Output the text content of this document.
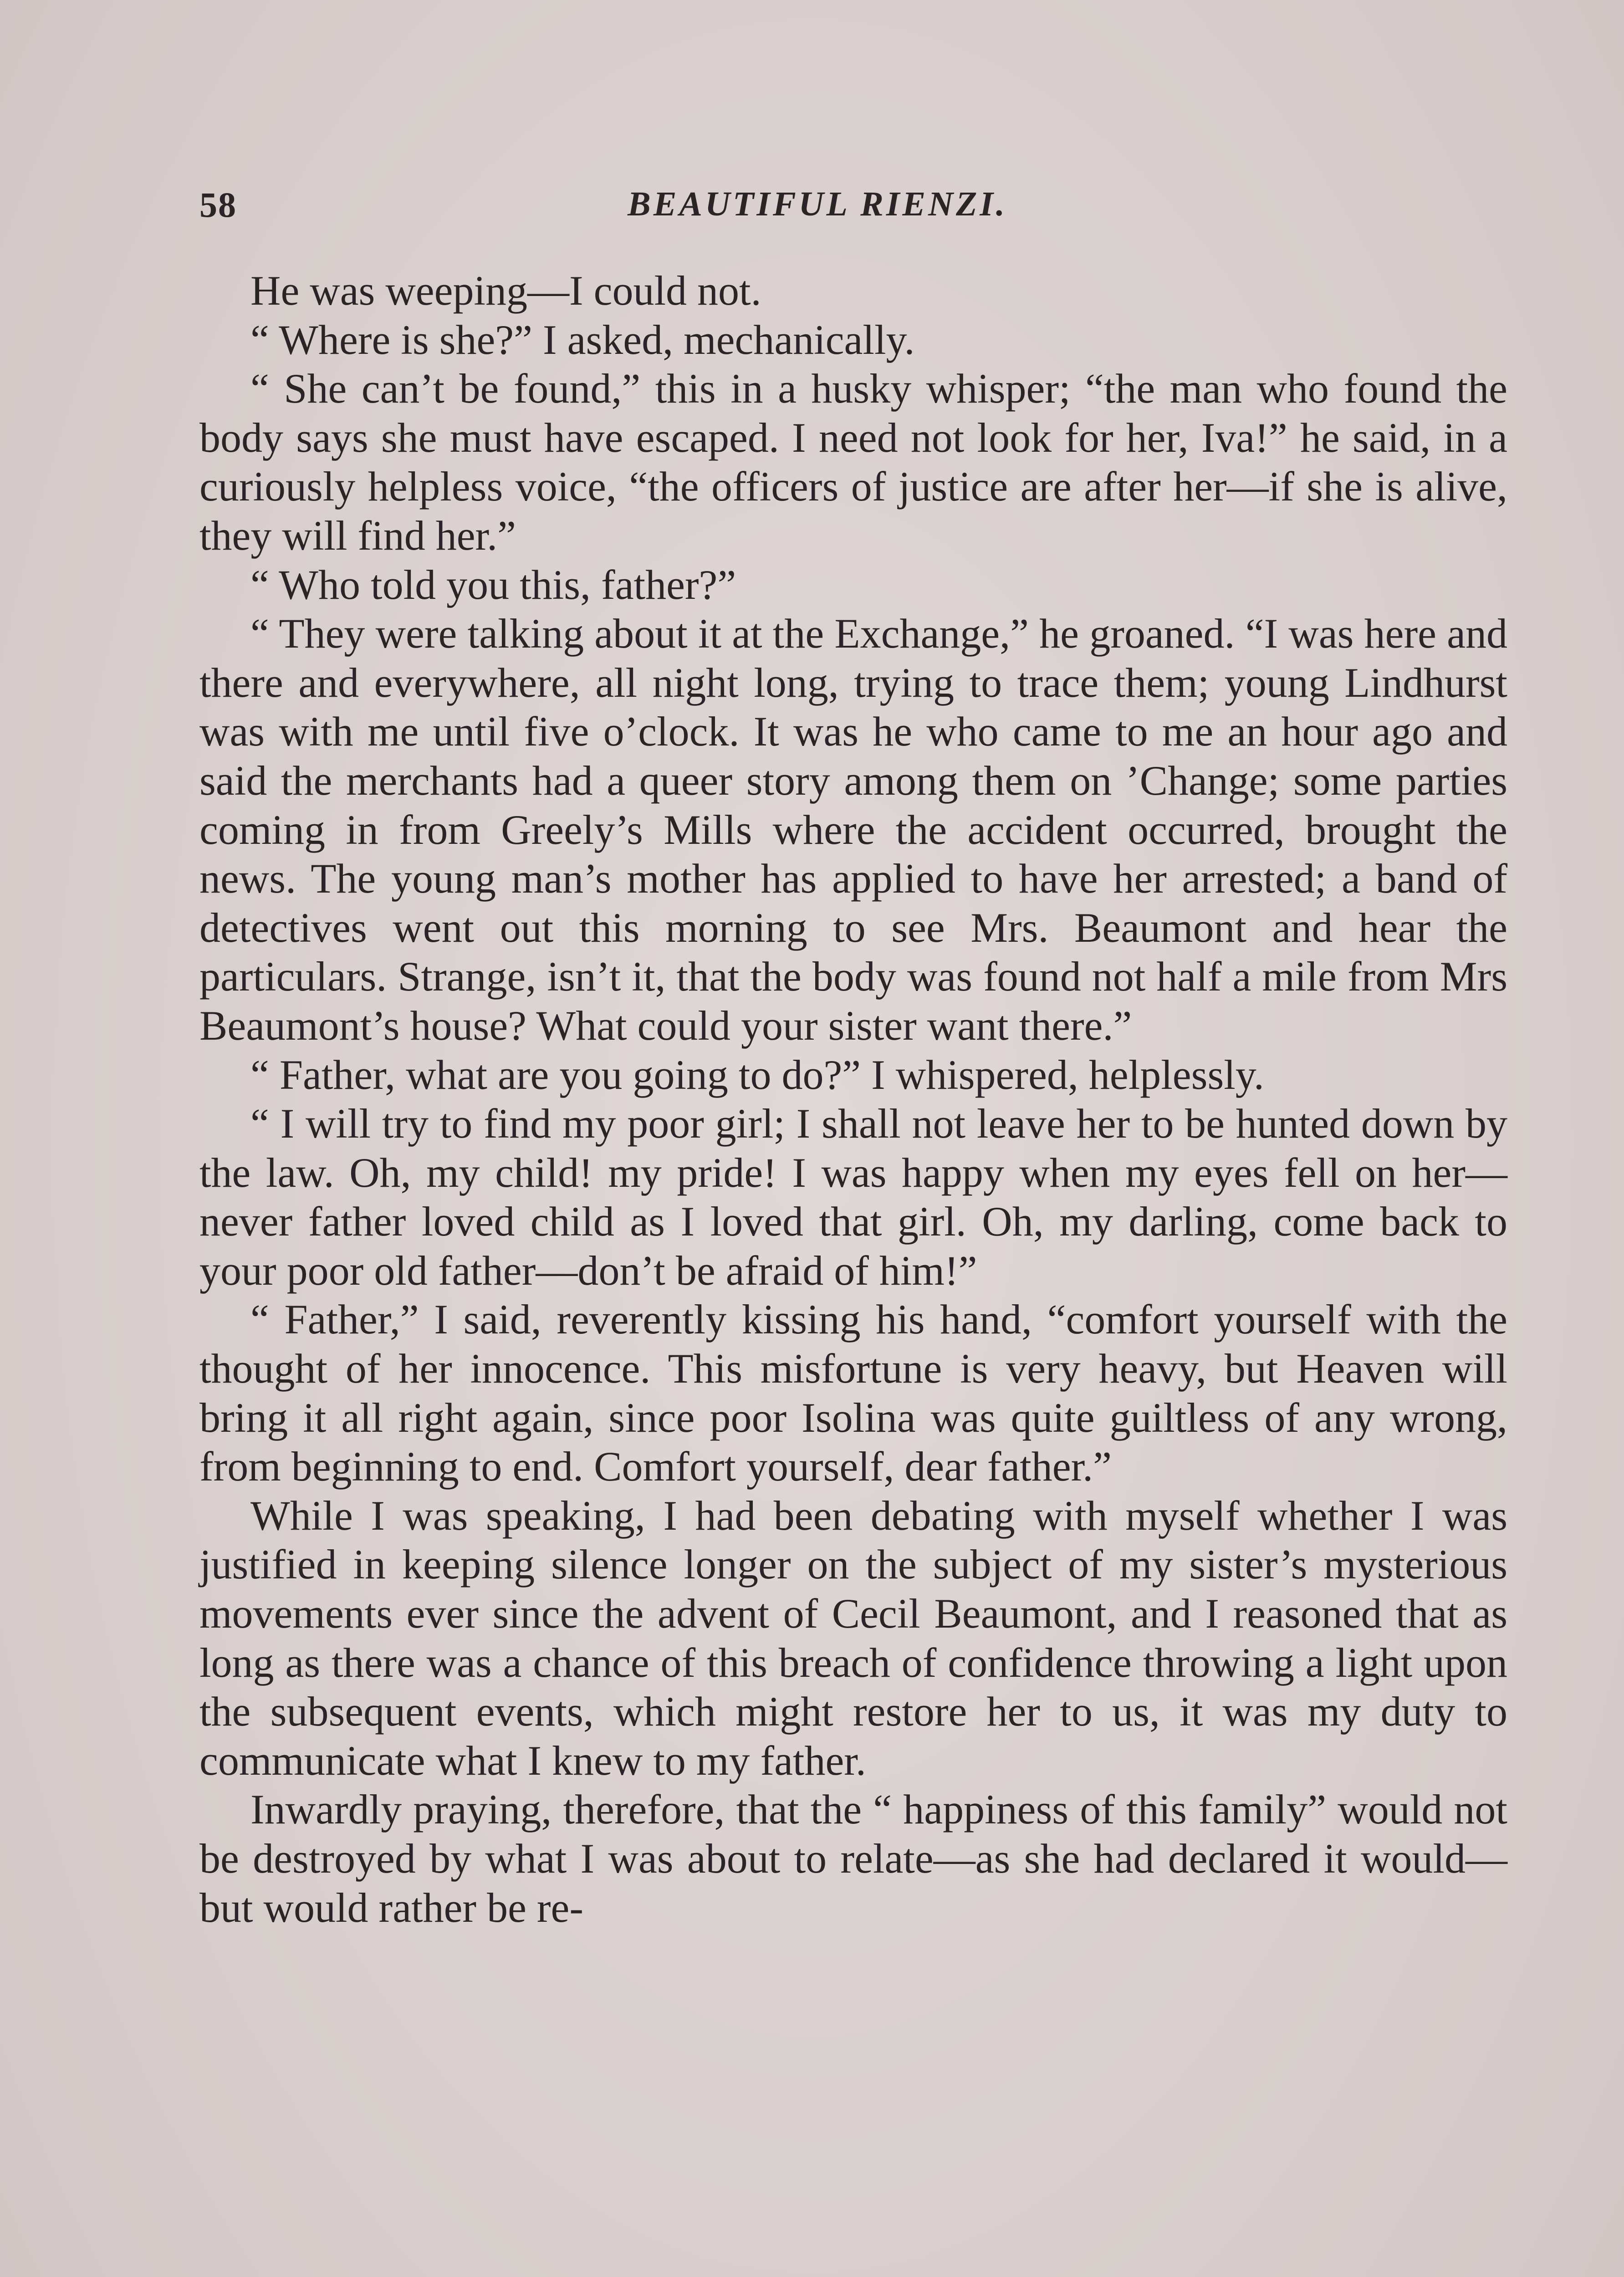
58	BEAUTIFUL RIENZI.

He was weeping—I could not.

“ Where is she?” I asked, mechanically.

“ She can’t be found,” this in a husky whisper; “the man who found the body says she must have escaped. I need not look for her, Iva!” he said, in a curiously helpless voice, “the officers of justice are after her—if she is alive, they will find her.”

“ Who told you this, father?”

“ They were talking about it at the Exchange,” he groaned. “I was here and there and everywhere, all night long, trying to trace them; young Lindhurst was with me until five o’clock. It was he who came to me an hour ago and said the merchants had a queer story among them on ’Change; some parties coming in from Greely’s Mills where the accident occurred, brought the news. The young man’s mother has applied to have her arrested; a band of detectives went out this morning to see Mrs. Beaumont and hear the particulars. Strange, isn’t it, that the body was found not half a mile from Mrs Beaumont’s house? What could your sister want there.”

“ Father, what are you going to do?” I whispered, helplessly.

“ I will try to find my poor girl; I shall not leave her to be hunted down by the law. Oh, my child! my pride! I was happy when my eyes fell on her—never father loved child as I loved that girl. Oh, my darling, come back to your poor old father—don’t be afraid of him!”

“ Father,” I said, reverently kissing his hand, “comfort yourself with the thought of her innocence. This misfortune is very heavy, but Heaven will bring it all right again, since poor Isolina was quite guiltless of any wrong, from beginning to end. Comfort yourself, dear father.”

While I was speaking, I had been debating with myself whether I was justified in keeping silence longer on the subject of my sister’s mysterious movements ever since the advent of Cecil Beaumont, and I reasoned that as long as there was a chance of this breach of confidence throwing a light upon the subsequent events, which might restore her to us, it was my duty to communicate what I knew to my father.

Inwardly praying, therefore, that the “ happiness of this family” would not be destroyed by what I was about to relate—as she had declared it would—but would rather be re-
